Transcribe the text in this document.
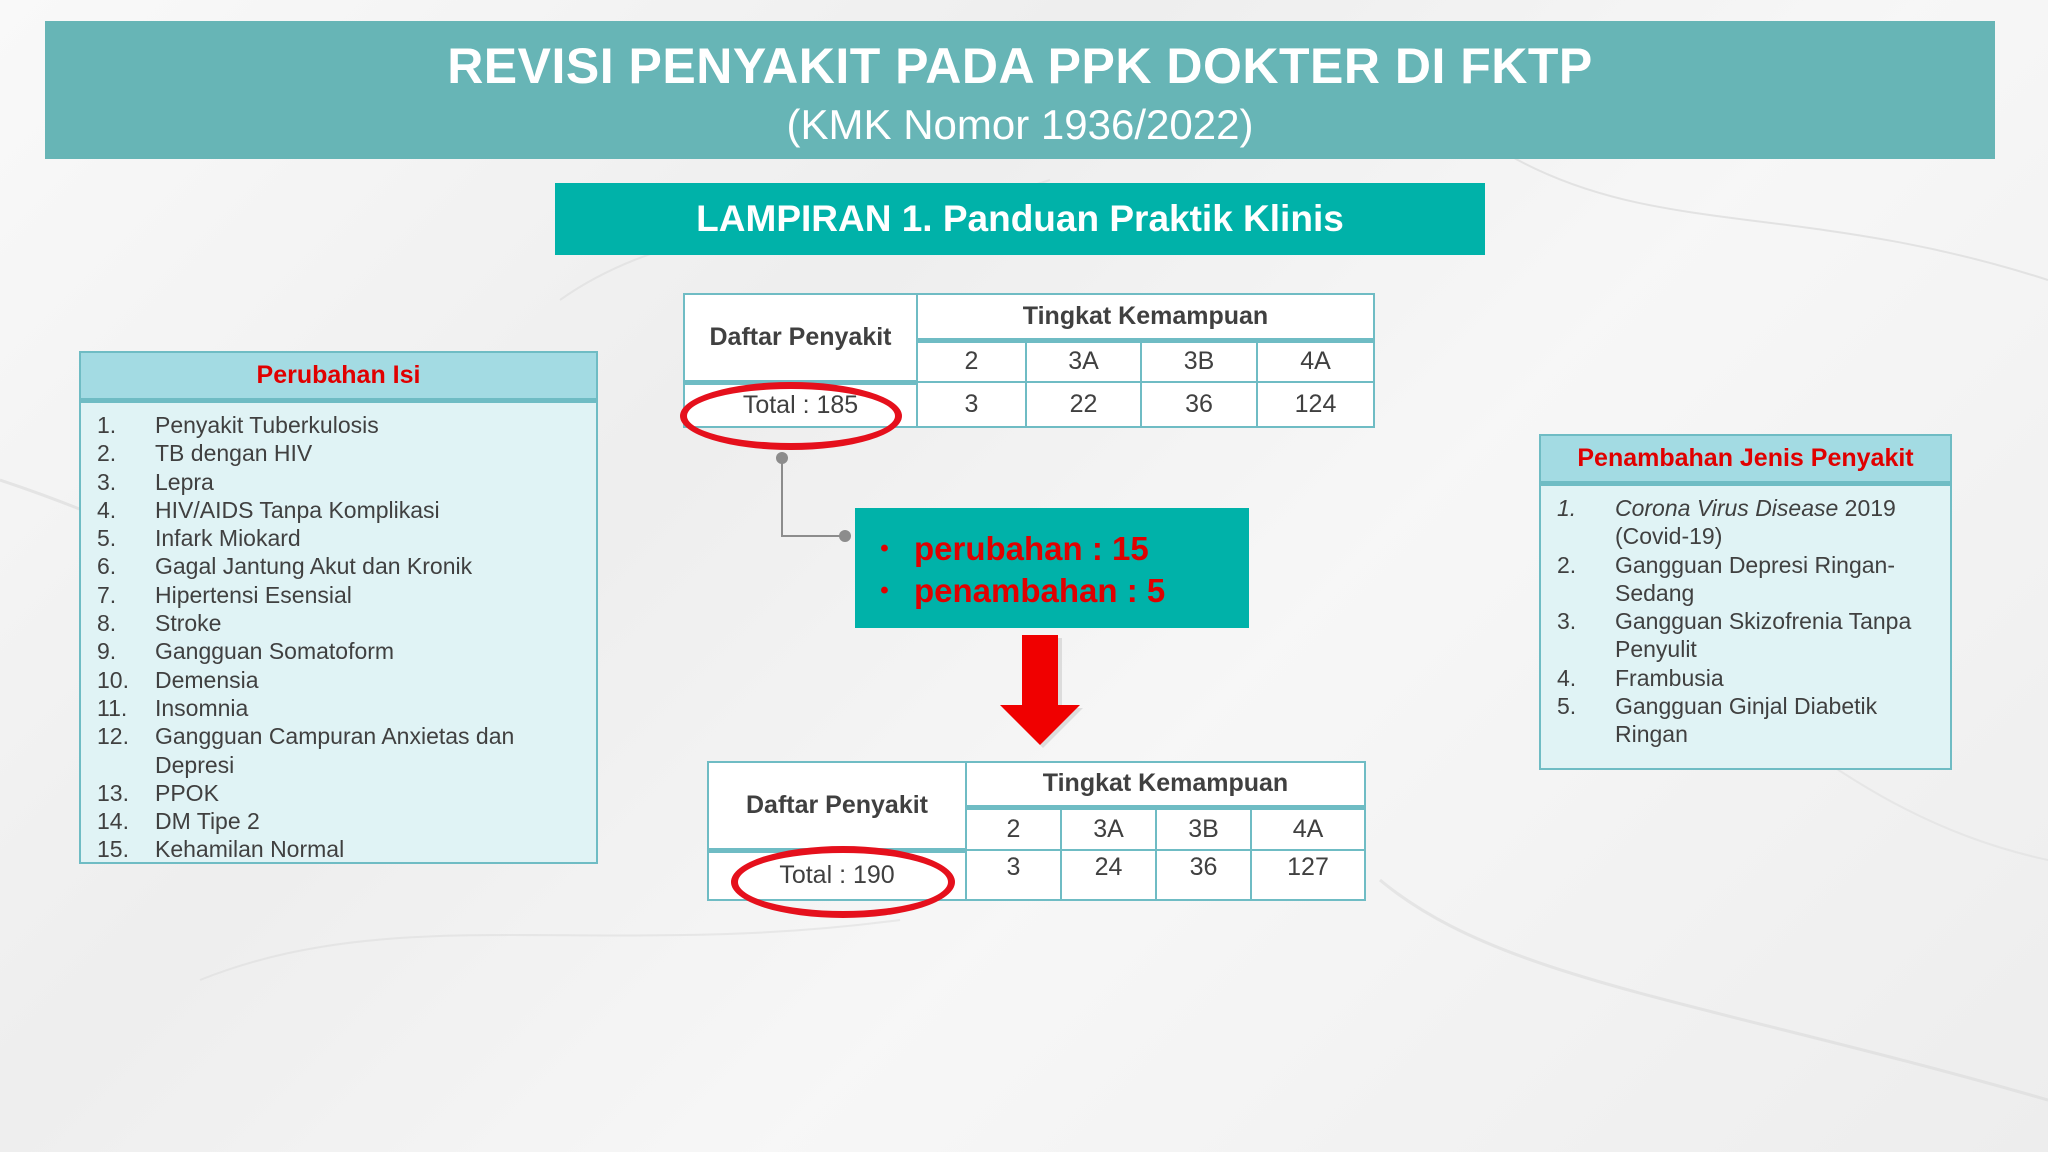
REVISI PENYAKIT PADA PPK DOKTER DI FKTP
(KMK Nomor 1936/2022)
LAMPIRAN 1. Panduan Praktik Klinis
Perubahan Isi
1.	Penyakit Tuberkulosis
2.	TB dengan HIV
3.	Lepra
4.	HIV/AIDS Tanpa Komplikasi
5.	Infark Miokard
6.	Gagal Jantung Akut dan Kronik
7.	Hipertensi Esensial
8.	Stroke
9.	Gangguan Somatoform
10.	Demensia
11.	Insomnia
12.	Gangguan Campuran Anxietas dan Depresi
13.	PPOK
14.	DM Tipe 2
15.	Kehamilan Normal
Penambahan Jenis Penyakit
1.	Corona Virus Disease 2019 (Covid-19)
2.	Gangguan Depresi Ringan-Sedang
3.	Gangguan Skizofrenia Tanpa Penyulit
4.	Frambusia
5.	Gangguan Ginjal Diabetik Ringan
Daftar Penyakit	Tingkat Kemampuan			
	2	3A	3B	4A
Total : 185	3	22	36	124
• perubahan : 15
• penambahan : 5
Daftar Penyakit	Tingkat Kemampuan			
	2	3A	3B	4A
Total : 190	3	24	36	127
